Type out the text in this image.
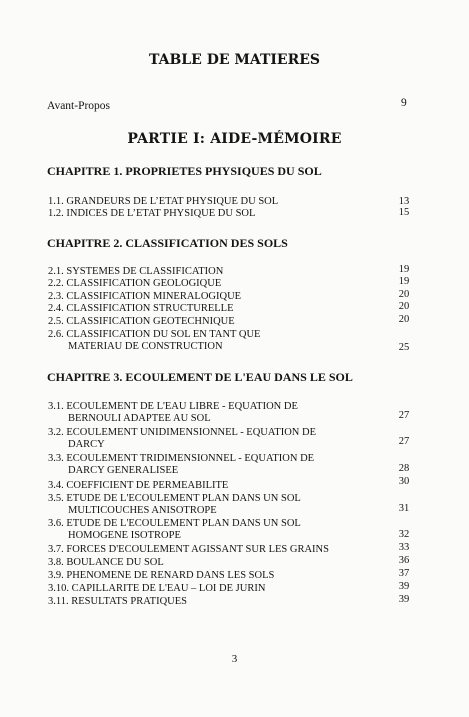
TABLE DE MATIERES
Avant-Propos	9
PARTIE I: AIDE-MÉMOIRE
CHAPITRE 1. PROPRIETES PHYSIQUES DU SOL
1.1. GRANDEURS DE L’ETAT PHYSIQUE DU SOL	13
1.2. INDICES DE L’ETAT PHYSIQUE DU SOL	15
CHAPITRE 2. CLASSIFICATION DES SOLS
2.1. SYSTEMES DE CLASSIFICATION	19
2.2. CLASSIFICATION GEOLOGIQUE	19
2.3. CLASSIFICATION MINERALOGIQUE	20
2.4. CLASSIFICATION STRUCTURELLE	20
2.5. CLASSIFICATION GEOTECHNIQUE	20
2.6. CLASSIFICATION DU SOL EN TANT QUE
MATERIAU DE CONSTRUCTION	25
CHAPITRE 3. ECOULEMENT DE L'EAU DANS LE SOL
3.1. ECOULEMENT DE L'EAU LIBRE - EQUATION DE
BERNOULI ADAPTEE AU SOL	27
3.2. ECOULEMENT UNIDIMENSIONNEL - EQUATION DE
DARCY	27
3.3. ECOULEMENT TRIDIMENSIONNEL - EQUATION DE
DARCY GENERALISEE	28
3.4. COEFFICIENT DE PERMEABILITE	30
3.5. ETUDE DE L'ECOULEMENT PLAN DANS UN SOL
MULTICOUCHES ANISOTROPE	31
3.6. ETUDE DE L'ECOULEMENT PLAN DANS UN SOL
HOMOGENE ISOTROPE	32
3.7. FORCES D'ECOULEMENT AGISSANT SUR LES GRAINS	33
3.8. BOULANCE DU SOL	36
3.9. PHENOMENE DE RENARD DANS LES SOLS	37
3.10. CAPILLARITE DE L'EAU – LOI DE JURIN	39
3.11. RESULTATS PRATIQUES	39
3
